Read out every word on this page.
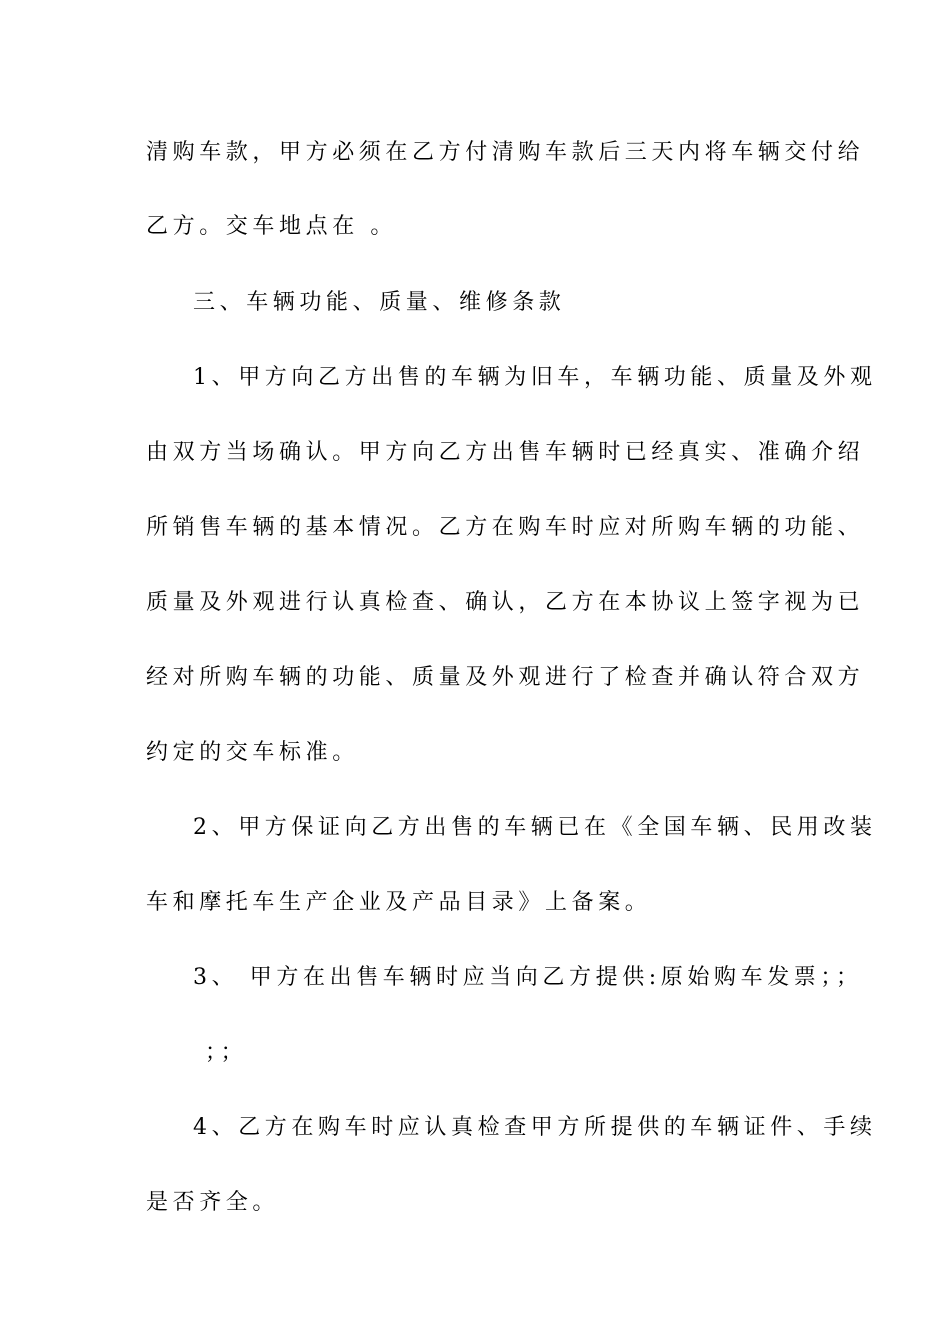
清购车款，甲方必须在乙方付清购车款后三天内将车辆交付给
乙方。交车地点在 。
三、车辆功能、质量、维修条款
1、甲方向乙方出售的车辆为旧车，车辆功能、质量及外观
由双方当场确认。甲方向乙方出售车辆时已经真实、准确介绍
所销售车辆的基本情况。乙方在购车时应对所购车辆的功能、
质量及外观进行认真检查、确认，乙方在本协议上签字视为已
经对所购车辆的功能、质量及外观进行了检查并确认符合双方
约定的交车标准。
2、甲方保证向乙方出售的车辆已在《全国车辆、民用改装
车和摩托车生产企业及产品目录》上备案。
3、 甲方在出售车辆时应当向乙方提供:原始购车发票；；
；；
4、乙方在购车时应认真检查甲方所提供的车辆证件、手续
是否齐全。
